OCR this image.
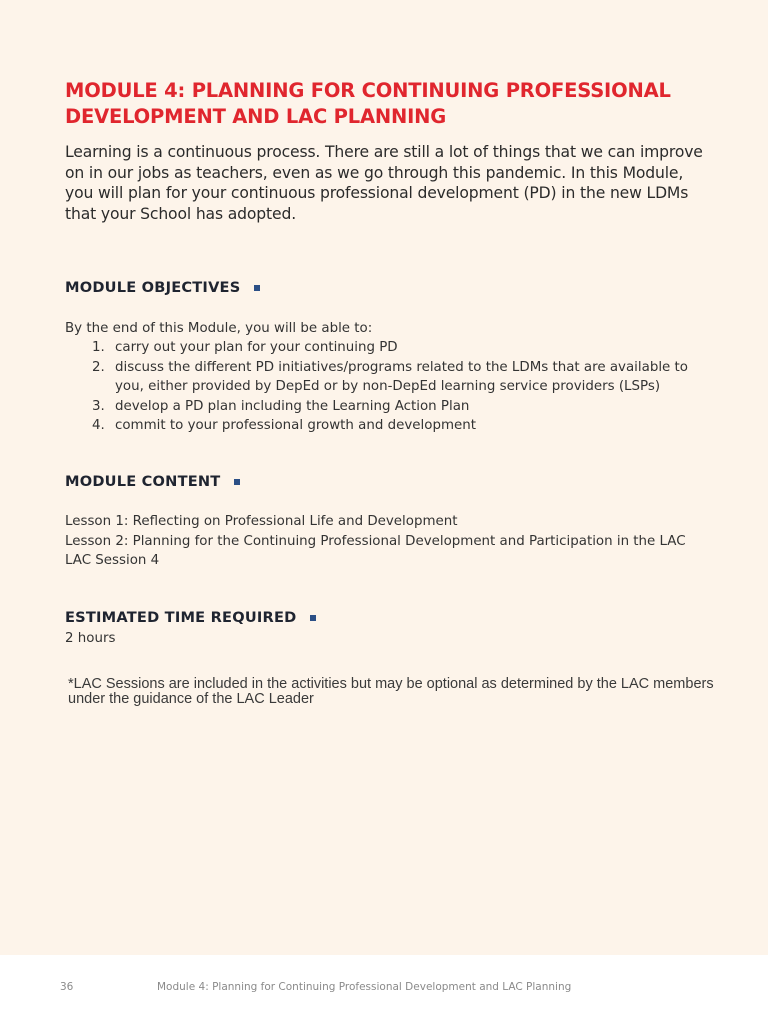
MODULE 4: PLANNING FOR CONTINUING PROFESSIONAL DEVELOPMENT AND LAC PLANNING

Learning is a continuous process. There are still a lot of things that we can improve on in our jobs as teachers, even as we go through this pandemic. In this Module, you will plan for your continuous professional development (PD) in the new LDMs that your School has adopted.

MODULE OBJECTIVES

By the end of this Module, you will be able to:

1. carry out your plan for your continuing PD
2. discuss the different PD initiatives/programs related to the LDMs that are available to you, either provided by DepEd or by non-DepEd learning service providers (LSPs)
3. develop a PD plan including the Learning Action Plan
4. commit to your professional growth and development
MODULE CONTENT
Lesson 1: Reflecting on Professional Life and Development
Lesson 2: Planning for the Continuing Professional Development and Participation in the LAC
LAC Session 4
ESTIMATED TIME REQUIRED

2 hours

*LAC Sessions are included in the activities but may be optional as determined by the LAC members under the guidance of the LAC Leader

36	Module 4: Planning for Continuing Professional Development and LAC Planning
